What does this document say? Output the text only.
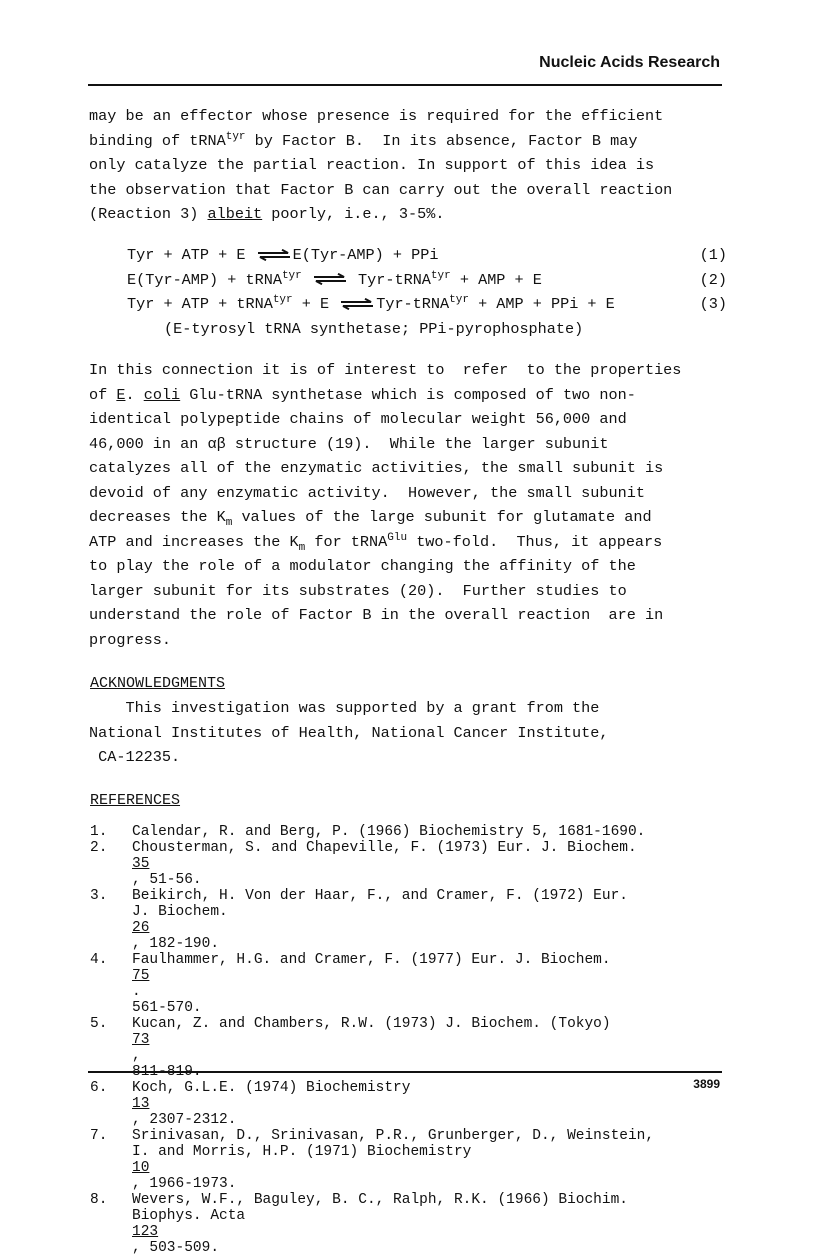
Nucleic Acids Research
may be an effector whose presence is required for the efficient
binding of tRNA$^{tyr}$ by Factor B.  In its absence, Factor B may
only catalyze the partial reaction. In support of this idea is
the observation that Factor B can carry out the overall reaction
(Reaction 3) albeit poorly, i.e., 3-5%.
Tyr + ATP + E ⇌ E(Tyr-AMP) + PPi	(1)
E(Tyr-AMP) + tRNA$^{tyr}$ ⇌ Tyr-tRNA$^{tyr}$ + AMP + E	(2)
Tyr + ATP + tRNA$^{tyr}$ + E ⇌ Tyr-tRNA$^{tyr}$ + AMP + PPi + E	(3)
(E-tyrosyl tRNA synthetase; PPi-pyrophosphate)
In this connection it is of interest to  refer  to the properties
of E. coli Glu-tRNA synthetase which is composed of two non-
identical polypeptide chains of molecular weight 56,000 and
46,000 in an αβ structure (19).  While the larger subunit
catalyzes all of the enzymatic activities, the small subunit is
devoid of any enzymatic activity.  However, the small subunit
decreases the $K_m$ values of the large subunit for glutamate and
ATP and increases the $K_m$ for tRNA$^{Glu}$ two-fold.  Thus, it appears
to play the role of a modulator changing the affinity of the
larger subunit for its substrates (20).  Further studies to
understand the role of Factor B in the overall reaction  are in
progress.
ACKNOWLEDGMENTS
This investigation was supported by a grant from the
National Institutes of Health, National Cancer Institute,
CA-12235.
REFERENCES
1.	Calendar, R. and Berg, P. (1966) Biochemistry 5, 1681-1690.
2.	Chousterman, S. and Chapeville, F. (1973) Eur. J. Biochem.
35
, 51-56.
3.	Beikirch, H. Von der Haar, F., and Cramer, F. (1972) Eur.
J. Biochem.
26
, 182-190.
4.	Faulhammer, H.G. and Cramer, F. (1977) Eur. J. Biochem.
75
.
561-570.
5.	Kucan, Z. and Chambers, R.W. (1973) J. Biochem. (Tokyo)
73
,
811-819.
6.	Koch, G.L.E. (1974) Biochemistry
13
, 2307-2312.
7.	Srinivasan, D., Srinivasan, P.R., Grunberger, D., Weinstein,
I. and Morris, H.P. (1971) Biochemistry
10
, 1966-1973.
8.	Wevers, W.F., Baguley, B. C., Ralph, R.K. (1966) Biochim.
Biophys. Acta
123
, 503-509.
3899
